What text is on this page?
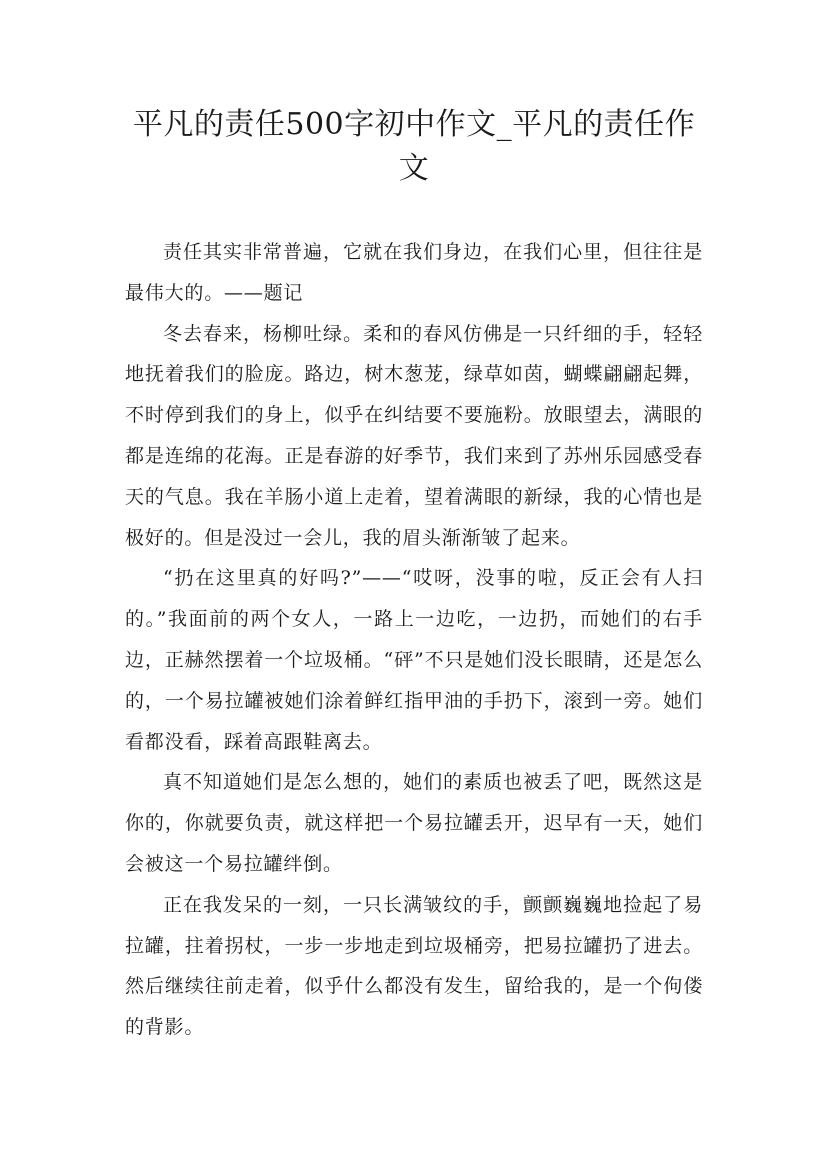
平凡的责任500字初中作文_平凡的责任作文

责任其实非常普遍，它就在我们身边，在我们心里，但往往是最伟大的。——题记

冬去春来，杨柳吐绿。柔和的春风仿佛是一只纤细的手，轻轻地抚着我们的脸庞。路边，树木葱茏，绿草如茵，蝴蝶翩翩起舞，不时停到我们的身上，似乎在纠结要不要施粉。放眼望去，满眼的都是连绵的花海。正是春游的好季节，我们来到了苏州乐园感受春天的气息。我在羊肠小道上走着，望着满眼的新绿，我的心情也是极好的。但是没过一会儿，我的眉头渐渐皱了起来。

“扔在这里真的好吗?”——“哎呀，没事的啦，反正会有人扫的。”我面前的两个女人，一路上一边吃，一边扔，而她们的右手边，正赫然摆着一个垃圾桶。“砰”不只是她们没长眼睛，还是怎么的，一个易拉罐被她们涂着鲜红指甲油的手扔下，滚到一旁。她们看都没看，踩着高跟鞋离去。

真不知道她们是怎么想的，她们的素质也被丢了吧，既然这是你的，你就要负责，就这样把一个易拉罐丢开，迟早有一天，她们会被这一个易拉罐绊倒。

正在我发呆的一刻，一只长满皱纹的手，颤颤巍巍地捡起了易拉罐，拄着拐杖，一步一步地走到垃圾桶旁，把易拉罐扔了进去。然后继续往前走着，似乎什么都没有发生，留给我的，是一个佝偻的背影。
